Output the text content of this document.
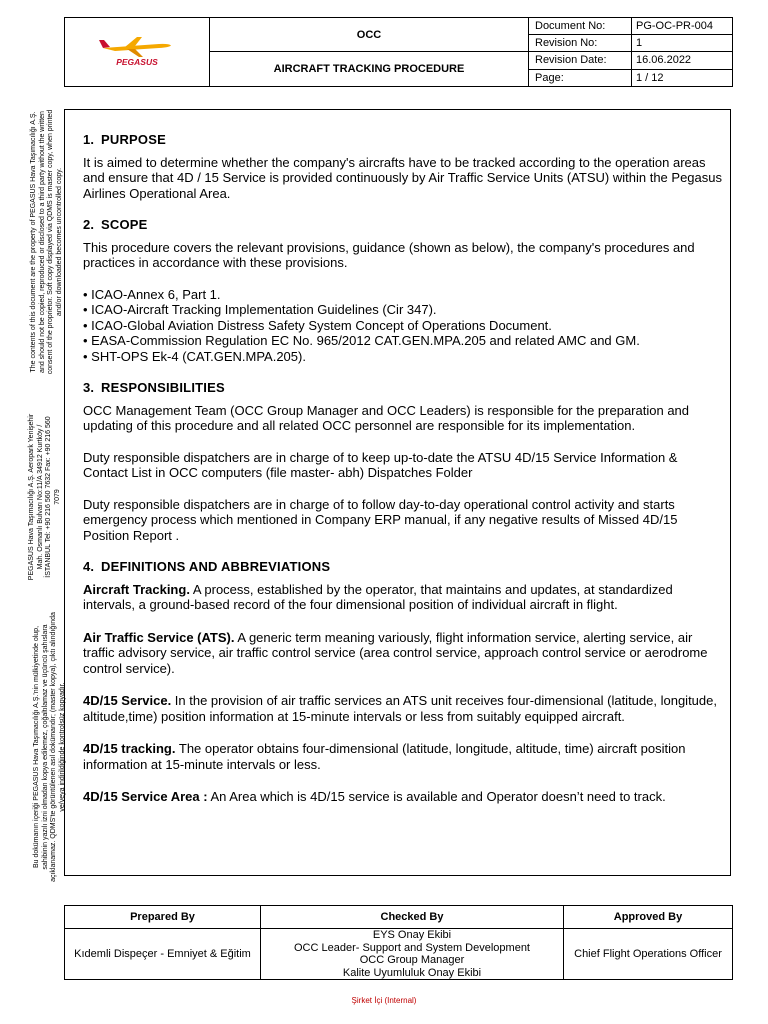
PEGASUS	OCC	Document No:	PG-OC-PR-004
		Revision No:	1
	AIRCRAFT TRACKING PROCEDURE	Revision Date:	16.06.2022
		Page:	1 / 12
The contents of this document are the property of PEGASUS Hava Taşımacılığı A.Ş. and should not be copied, reproduced or disclosed to a third party without the written consent of the proprietor. Soft copy displayed via QDMS is master copy, when printed and/or downloaded becomes uncontrolled copy.
PEGASUS Hava Taşımacılığı A.Ş. Aeropark Yenişehir Mah. Osmanlı Bulvarı No:11/A 34912 Kurtköy / İSTANBUL Tel: +90 216 560 7632 Fax: +90 216 560 7079
Bu dokümanın içeriği PEGASUS Hava Taşımacılığı A.Ş.'nin mülkiyetinde olup, sahibinin yazılı izni olmadan kopya edilemez, çoğaltılamaz ve üçüncü şahıslara açıklanamaz. QDMS'te görüntülenen asıl dokümandır; (master kopya), çıktı alındığında ve/veya indirildiğinde kontrolsüz kopyadır.
1. PURPOSE

It is aimed to determine whether the company's aircrafts have to be tracked according to the operation areas and ensure that 4D / 15 Service is provided continuously by Air Traffic Service Units (ATSU) within the Pegasus Airlines Operational Area.

2. SCOPE

This procedure covers the relevant provisions, guidance (shown as below), the company's procedures and practices in accordance with these provisions.

• ICAO-Annex 6, Part 1.
• ICAO-Aircraft Tracking Implementation Guidelines (Cir 347).
• ICAO-Global Aviation Distress Safety System Concept of Operations Document.
• EASA-Commission Regulation EC No. 965/2012 CAT.GEN.MPA.205 and related AMC and GM.
• SHT-OPS Ek-4 (CAT.GEN.MPA.205).
3. RESPONSIBILITIES

OCC Management Team (OCC Group Manager and OCC Leaders) is responsible for the preparation and updating of this procedure and all related OCC personnel are responsible for its implementation.

Duty responsible dispatchers are in charge of to keep up-to-date the ATSU 4D/15 Service Information & Contact List in OCC computers (file master- abh) Dispatches Folder

Duty responsible dispatchers are in charge of to follow day-to-day operational control activity and starts emergency process which mentioned in Company ERP manual, if any negative results of Missed 4D/15 Position Report .

4. DEFINITIONS AND ABBREVIATIONS
Aircraft Tracking. A process, established by the operator, that maintains and updates, at standardized intervals, a ground-based record of the four dimensional position of individual aircraft in flight.
Air Traffic Service (ATS). A generic term meaning variously, flight information service, alerting service, air traffic advisory service, air traffic control service (area control service, approach control service or aerodrome control service).
4D/15 Service. In the provision of air traffic services an ATS unit receives four-dimensional (latitude, longitude, altitude,time) position information at 15-minute intervals or less from suitably equipped aircraft.
4D/15 tracking. The operator obtains four-dimensional (latitude, longitude, altitude, time) aircraft position information at 15-minute intervals or less.
4D/15 Service Area : An Area which is 4D/15 service is available and Operator doesn’t need to track.
Prepared By	Checked By	Approved By
Kıdemli Dispeçer - Emniyet & Eğitim	EYS Onay Ekibi
OCC Leader- Support and System Development
OCC Group Manager
Kalite Uyumluluk Onay Ekibi	Chief Flight Operations Officer
Şirket İçi (Internal)
